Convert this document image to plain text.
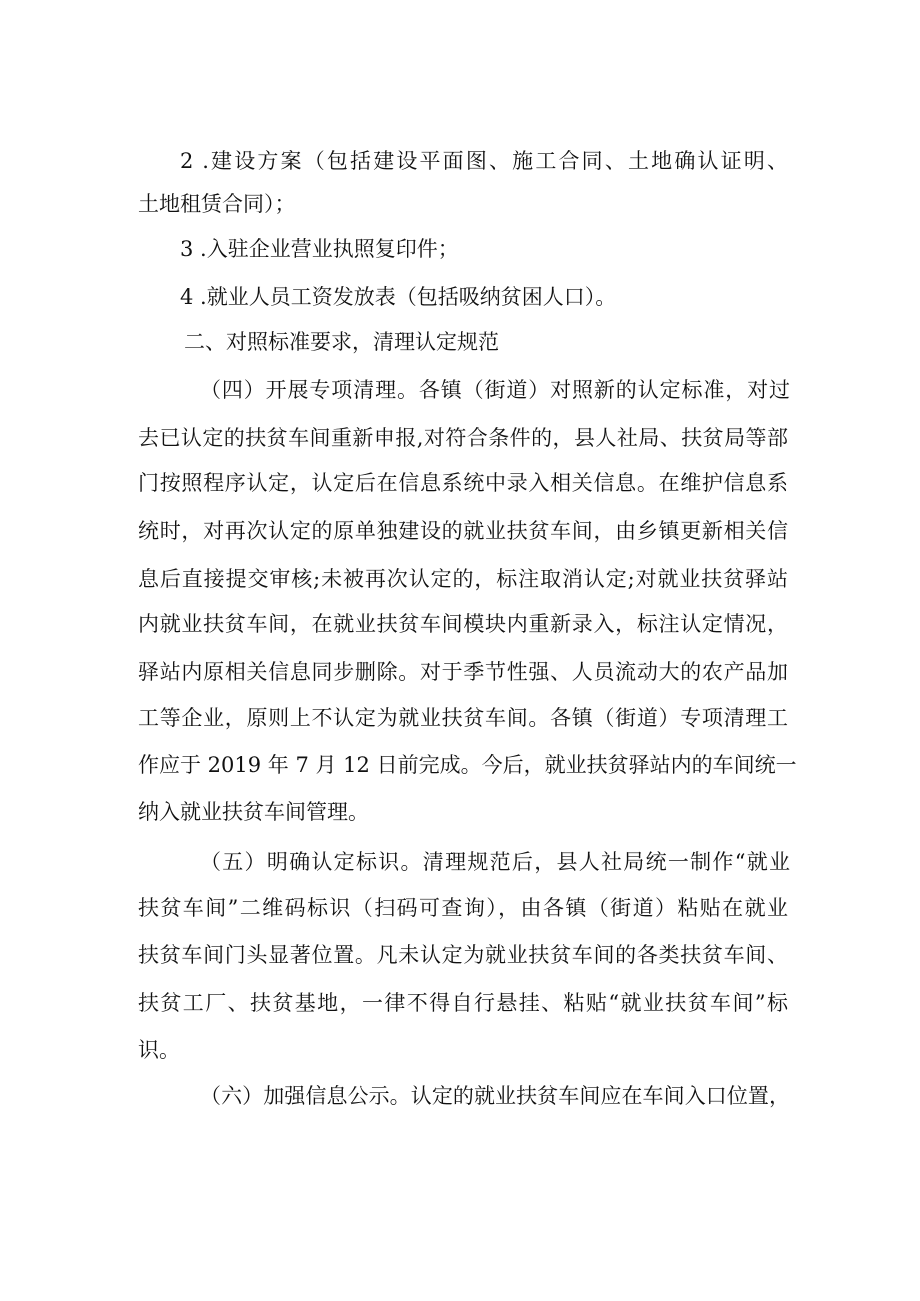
2 .建设方案（包括建设平面图、施工合同、土地确认证明、
土地租赁合同）；
3 .入驻企业营业执照复印件；
4 .就业人员工资发放表（包括吸纳贫困人口）。
二、对照标准要求，清理认定规范
（四）开展专项清理。各镇（街道）对照新的认定标准，对过
去已认定的扶贫车间重新申报,对符合条件的，县人社局、扶贫局等部
门按照程序认定，认定后在信息系统中录入相关信息。在维护信息系
统时，对再次认定的原单独建设的就业扶贫车间，由乡镇更新相关信
息后直接提交审核;未被再次认定的，标注取消认定;对就业扶贫驿站
内就业扶贫车间，在就业扶贫车间模块内重新录入，标注认定情况，
驿站内原相关信息同步删除。对于季节性强、人员流动大的农产品加
工等企业，原则上不认定为就业扶贫车间。各镇（街道）专项清理工
作应于 2019 年 7 月 12 日前完成。今后，就业扶贫驿站内的车间统一
纳入就业扶贫车间管理。
（五）明确认定标识。清理规范后，县人社局统一制作“就业
扶贫车间”二维码标识（扫码可查询），由各镇（街道）粘贴在就业
扶贫车间门头显著位置。凡未认定为就业扶贫车间的各类扶贫车间、
扶贫工厂、扶贫基地，一律不得自行悬挂、粘贴“就业扶贫车间”标
识。
（六）加强信息公示。认定的就业扶贫车间应在车间入口位置，
